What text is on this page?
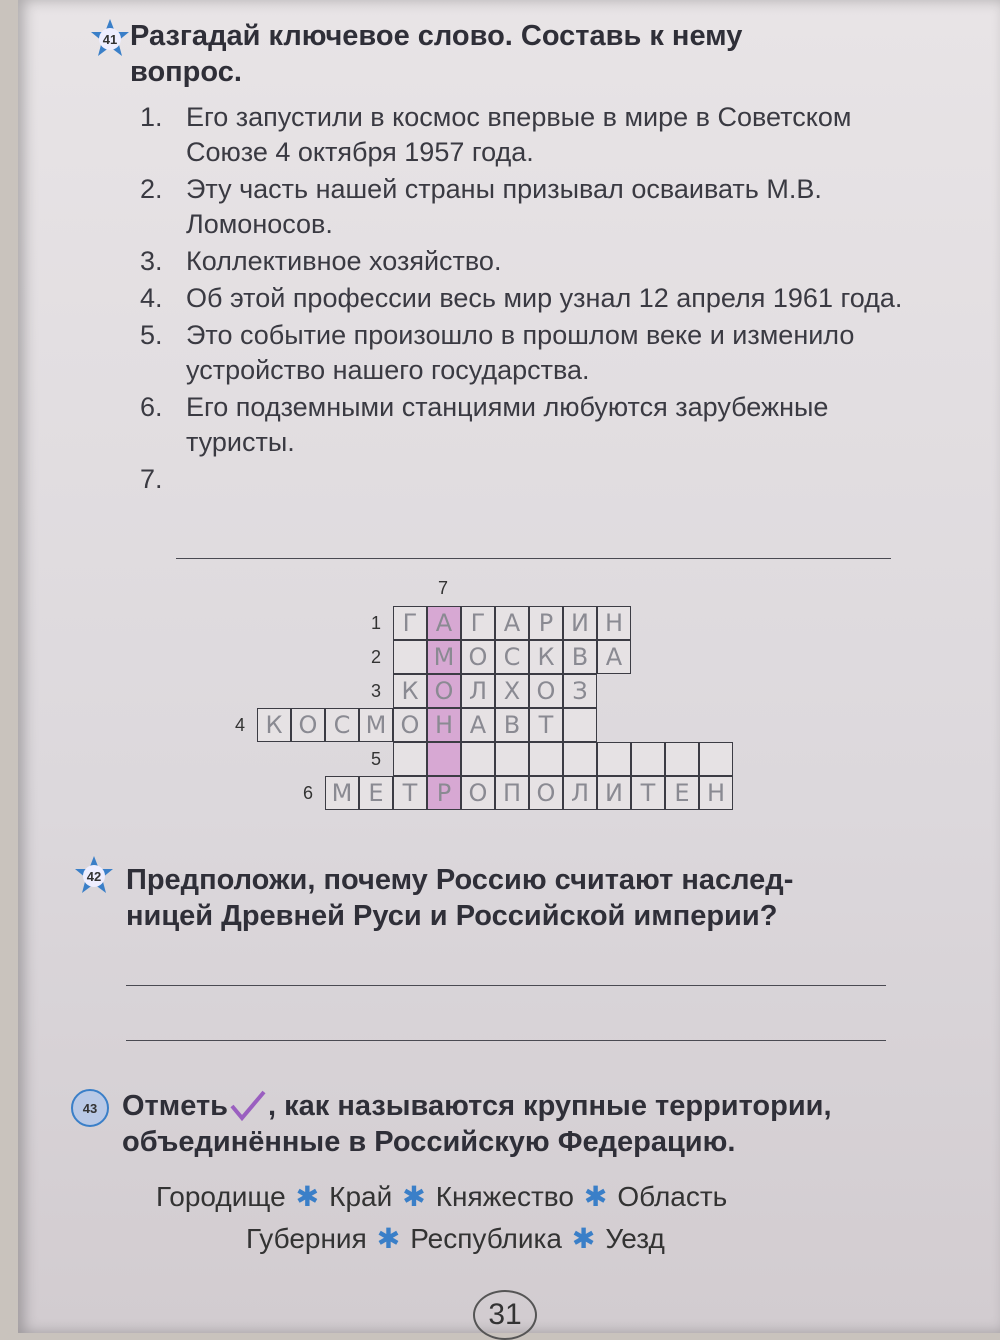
41 Разгадай ключевое слово. Составь к нему
вопрос.
1. Его запустили в космос впервые в мире в Советском Союзе 4 октября 1957 года.
2. Эту часть нашей страны призывал осваивать М.В. Ломоносов.
3. Коллективное хозяйство.
4. Об этой профессии весь мир узнал 12 апреля 1961 года.
5. Это событие произошло в прошлом веке и изменило устройство нашего государства.
6. Его подземными станциями любуются зарубежные туристы.
7.
7
1 Г А Г А Р И Н
2 М О С К В А
3 К О Л Х О З
4 К О С М О Н А В Т
5
6 М Е Т Р О П О Л И Т Е Н
42 Предположи, почему Россию считают наслед-
ницей Древней Руси и Российской империи?
43 Отметь , как называются крупные территории,
объединённые в Российскую Федерацию.
Городище ✱ Край ✱ Княжество ✱ Область
Губерния ✱ Республика ✱ Уезд
31
